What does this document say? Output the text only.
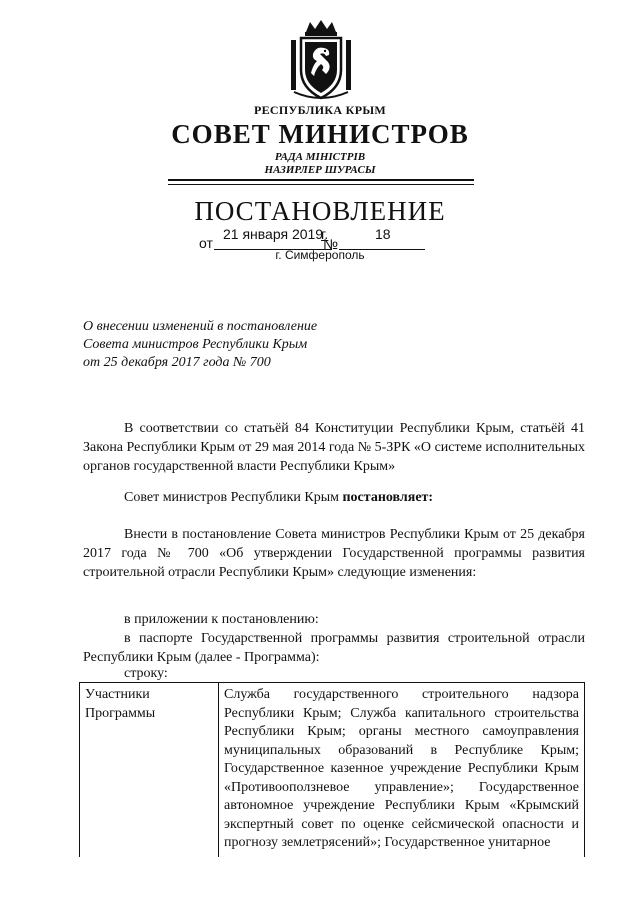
РЕСПУБЛИКА КРЫМ
СОВЕТ МИНИСТРОВ
РАДА МІНІСТРІВ
НАЗИРЛЕР ШУРАСЫ
ПОСТАНОВЛЕНИЕ
от
21 января 2019
г.
№
18
г. Симферополь
О внесении изменений в постановление
Совета министров Республики Крым
от 25 декабря 2017 года № 700
В соответствии со статьёй 84 Конституции Республики Крым, статьёй 41 Закона Республики Крым от 29 мая 2014 года № 5-ЗРК «О системе исполнительных органов государственной власти Республики Крым»
Совет министров Республики Крым постановляет:
Внести в постановление Совета министров Республики Крым от 25 декабря 2017 года № 700 «Об утверждении Государственной программы развития строительной отрасли Республики Крым» следующие изменения:
в приложении к постановлению:
в паспорте Государственной программы развития строительной отрасли Республики Крым (далее - Программа):
строку:
Участники Программы	Служба государственного строительного надзора Республики Крым; Служба капитального строительства Республики Крым; органы местного самоуправления муниципальных образований в Республике Крым; Государственное казенное учреждение Республики Крым «Противооползневое управление»; Государственное автономное учреждение Республики Крым «Крымский экспертный совет по оценке сейсмической опасности и прогнозу землетрясений»; Государственное унитарное
